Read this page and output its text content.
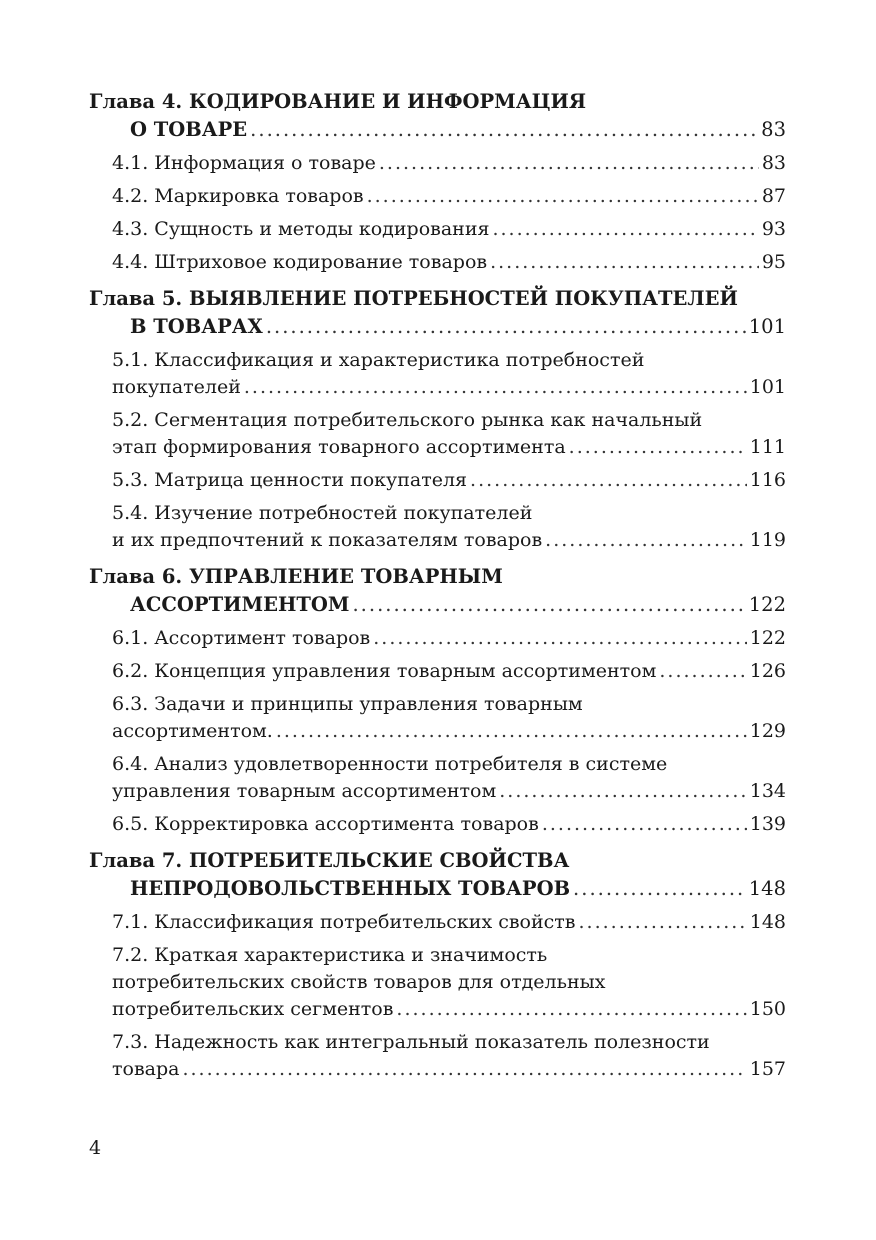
Глава 4. КОДИРОВАНИЕ И ИНФОРМАЦИЯ
О ТОВАРЕ .....	83
4.1. Информация о товаре .....	83
4.2. Маркировка товаров .....	87
4.3. Сущность и методы кодирования .....	93
4.4. Штриховое кодирование товаров .....	95
Глава 5. ВЫЯВЛЕНИЕ ПОТРЕБНОСТЕЙ ПОКУПАТЕЛЕЙ
В ТОВАРАХ .....	101
5.1. Классификация и характеристика потребностей
покупателей .....	101
5.2. Сегментация потребительского рынка как начальный
этап формирования товарного ассортимента .....	111
5.3. Матрица ценности покупателя .....	116
5.4. Изучение потребностей покупателей
и их предпочтений к показателям товаров .....	119
Глава 6. УПРАВЛЕНИЕ ТОВАРНЫМ
АССОРТИМЕНТОМ .....	122
6.1. Ассортимент товаров .....	122
6.2. Концепция управления товарным ассортиментом .....	126
6.3. Задачи и принципы управления товарным
ассортиментом. .....	129
6.4. Анализ удовлетворенности потребителя в системе
управления товарным ассортиментом .....	134
6.5. Корректировка ассортимента товаров .....	139
Глава 7. ПОТРЕБИТЕЛЬСКИЕ СВОЙСТВА
НЕПРОДОВОЛЬСТВЕННЫХ ТОВАРОВ .....	148
7.1. Классификация потребительских свойств .....	148
7.2. Краткая характеристика и значимость
потребительских свойств товаров для отдельных
потребительских сегментов .....	150
7.3. Надежность как интегральный показатель полезности
товара .....	157
4
